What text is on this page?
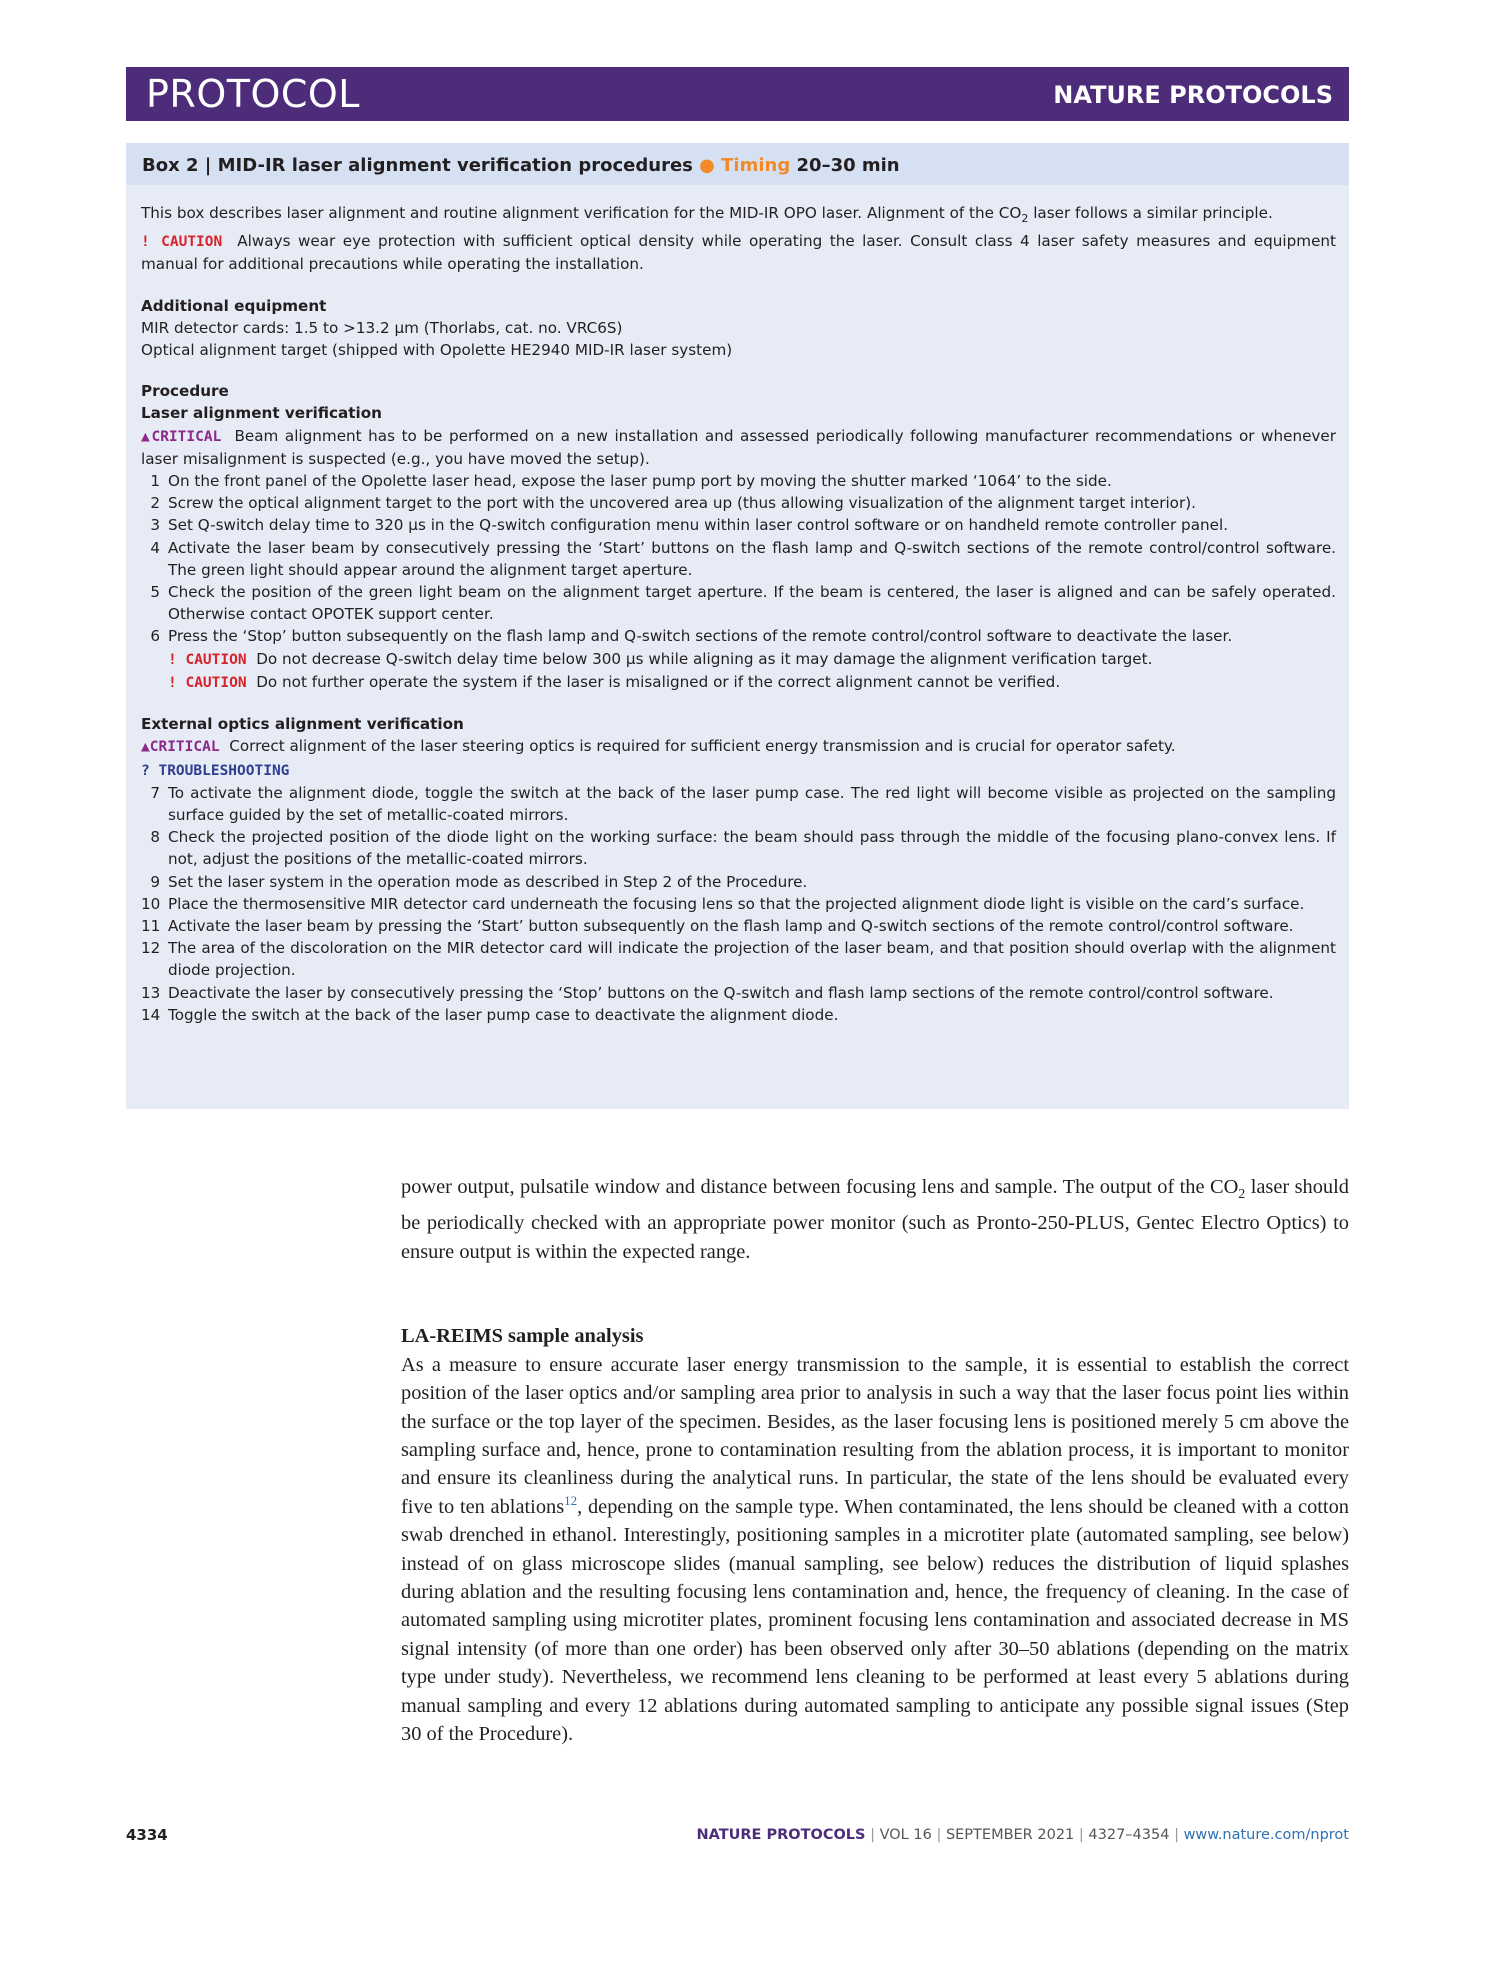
PROTOCOL	NATURE PROTOCOLS
Box 2 | MID-IR laser alignment verification procedures ● Timing 20–30 min
This box describes laser alignment and routine alignment verification for the MID-IR OPO laser. Alignment of the $CO_2$ laser follows a similar principle.
! CAUTION Always wear eye protection with sufficient optical density while operating the laser. Consult class 4 laser safety measures and equipment manual for additional precautions while operating the installation.
Additional equipment
MIR detector cards: 1.5 to >13.2 µm (Thorlabs, cat. no. VRC6S)
Optical alignment target (shipped with Opolette HE2940 MID-IR laser system)
Procedure
Laser alignment verification
▲CRITICAL Beam alignment has to be performed on a new installation and assessed periodically following manufacturer recommendations or whenever laser misalignment is suspected (e.g., you have moved the setup).
1 On the front panel of the Opolette laser head, expose the laser pump port by moving the shutter marked ‘1064’ to the side.
2 Screw the optical alignment target to the port with the uncovered area up (thus allowing visualization of the alignment target interior).
3 Set Q-switch delay time to 320 µs in the Q-switch configuration menu within laser control software or on handheld remote controller panel.
4 Activate the laser beam by consecutively pressing the ‘Start’ buttons on the flash lamp and Q-switch sections of the remote control/control software. The green light should appear around the alignment target aperture.
5 Check the position of the green light beam on the alignment target aperture. If the beam is centered, the laser is aligned and can be safely operated. Otherwise contact OPOTEK support center.
6 Press the ‘Stop’ button subsequently on the flash lamp and Q-switch sections of the remote control/control software to deactivate the laser.
! CAUTION Do not decrease Q-switch delay time below 300 µs while aligning as it may damage the alignment verification target.
! CAUTION Do not further operate the system if the laser is misaligned or if the correct alignment cannot be verified.
External optics alignment verification
▲CRITICAL Correct alignment of the laser steering optics is required for sufficient energy transmission and is crucial for operator safety.
? TROUBLESHOOTING
7 To activate the alignment diode, toggle the switch at the back of the laser pump case. The red light will become visible as projected on the sampling surface guided by the set of metallic-coated mirrors.
8 Check the projected position of the diode light on the working surface: the beam should pass through the middle of the focusing plano-convex lens. If not, adjust the positions of the metallic-coated mirrors.
9 Set the laser system in the operation mode as described in Step 2 of the Procedure.
10 Place the thermosensitive MIR detector card underneath the focusing lens so that the projected alignment diode light is visible on the card’s surface.
11 Activate the laser beam by pressing the ‘Start’ button subsequently on the flash lamp and Q-switch sections of the remote control/control software.
12 The area of the discoloration on the MIR detector card will indicate the projection of the laser beam, and that position should overlap with the alignment diode projection.
13 Deactivate the laser by consecutively pressing the ‘Stop’ buttons on the Q-switch and flash lamp sections of the remote control/control software.
14 Toggle the switch at the back of the laser pump case to deactivate the alignment diode.

power output, pulsatile window and distance between focusing lens and sample. The output of the $CO_2$ laser should be periodically checked with an appropriate power monitor (such as Pronto-250-PLUS, Gentec Electro Optics) to ensure output is within the expected range.

LA-REIMS sample analysis

As a measure to ensure accurate laser energy transmission to the sample, it is essential to establish the correct position of the laser optics and/or sampling area prior to analysis in such a way that the laser focus point lies within the surface or the top layer of the specimen. Besides, as the laser focusing lens is positioned merely 5 cm above the sampling surface and, hence, prone to contamination resulting from the ablation process, it is important to monitor and ensure its cleanliness during the analytical runs. In particular, the state of the lens should be evaluated every five to ten ablations$^{12}$, depending on the sample type. When contaminated, the lens should be cleaned with a cotton swab drenched in ethanol. Interestingly, positioning samples in a microtiter plate (automated sampling, see below) instead of on glass microscope slides (manual sampling, see below) reduces the distribution of liquid splashes during ablation and the resulting focusing lens contamination and, hence, the frequency of cleaning. In the case of automated sampling using microtiter plates, prominent focusing lens contamination and associated decrease in MS signal intensity (of more than one order) has been observed only after 30–50 ablations (depending on the matrix type under study). Nevertheless, we recommend lens cleaning to be performed at least every 5 ablations during manual sampling and every 12 ablations during automated sampling to anticipate any possible signal issues (Step 30 of the Procedure).

4334	NATURE PROTOCOLS | VOL 16 | SEPTEMBER 2021 | 4327–4354 | www.nature.com/nprot
